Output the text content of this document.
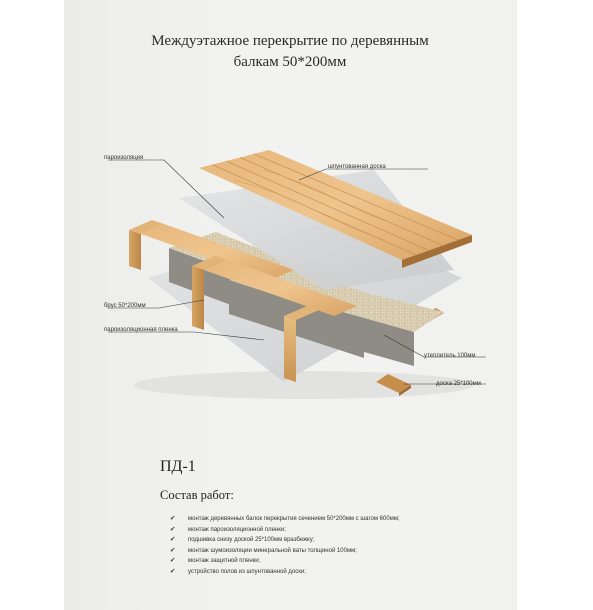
Междуэтажное перекрытие по деревянным
балкам 50*200мм
пароизоляция
шпунтованная доска
брус 50*200мм
пароизоляционная пленка
утеплитель 100мм
доска 25*100мм
ПД-1
Состав работ:
✔ монтаж деревянных балок перекрытия сечением 50*200мм с шагом 600мм;
✔ монтаж пароизоляционной пленки;
✔ подшивка снизу доской 25*100мм вразбежку;
✔ монтаж шумоизоляции минеральной ваты толщиной 100мм;
✔ монтаж защитной пленки;
✔ устройство полов из шпунтованной доски;
